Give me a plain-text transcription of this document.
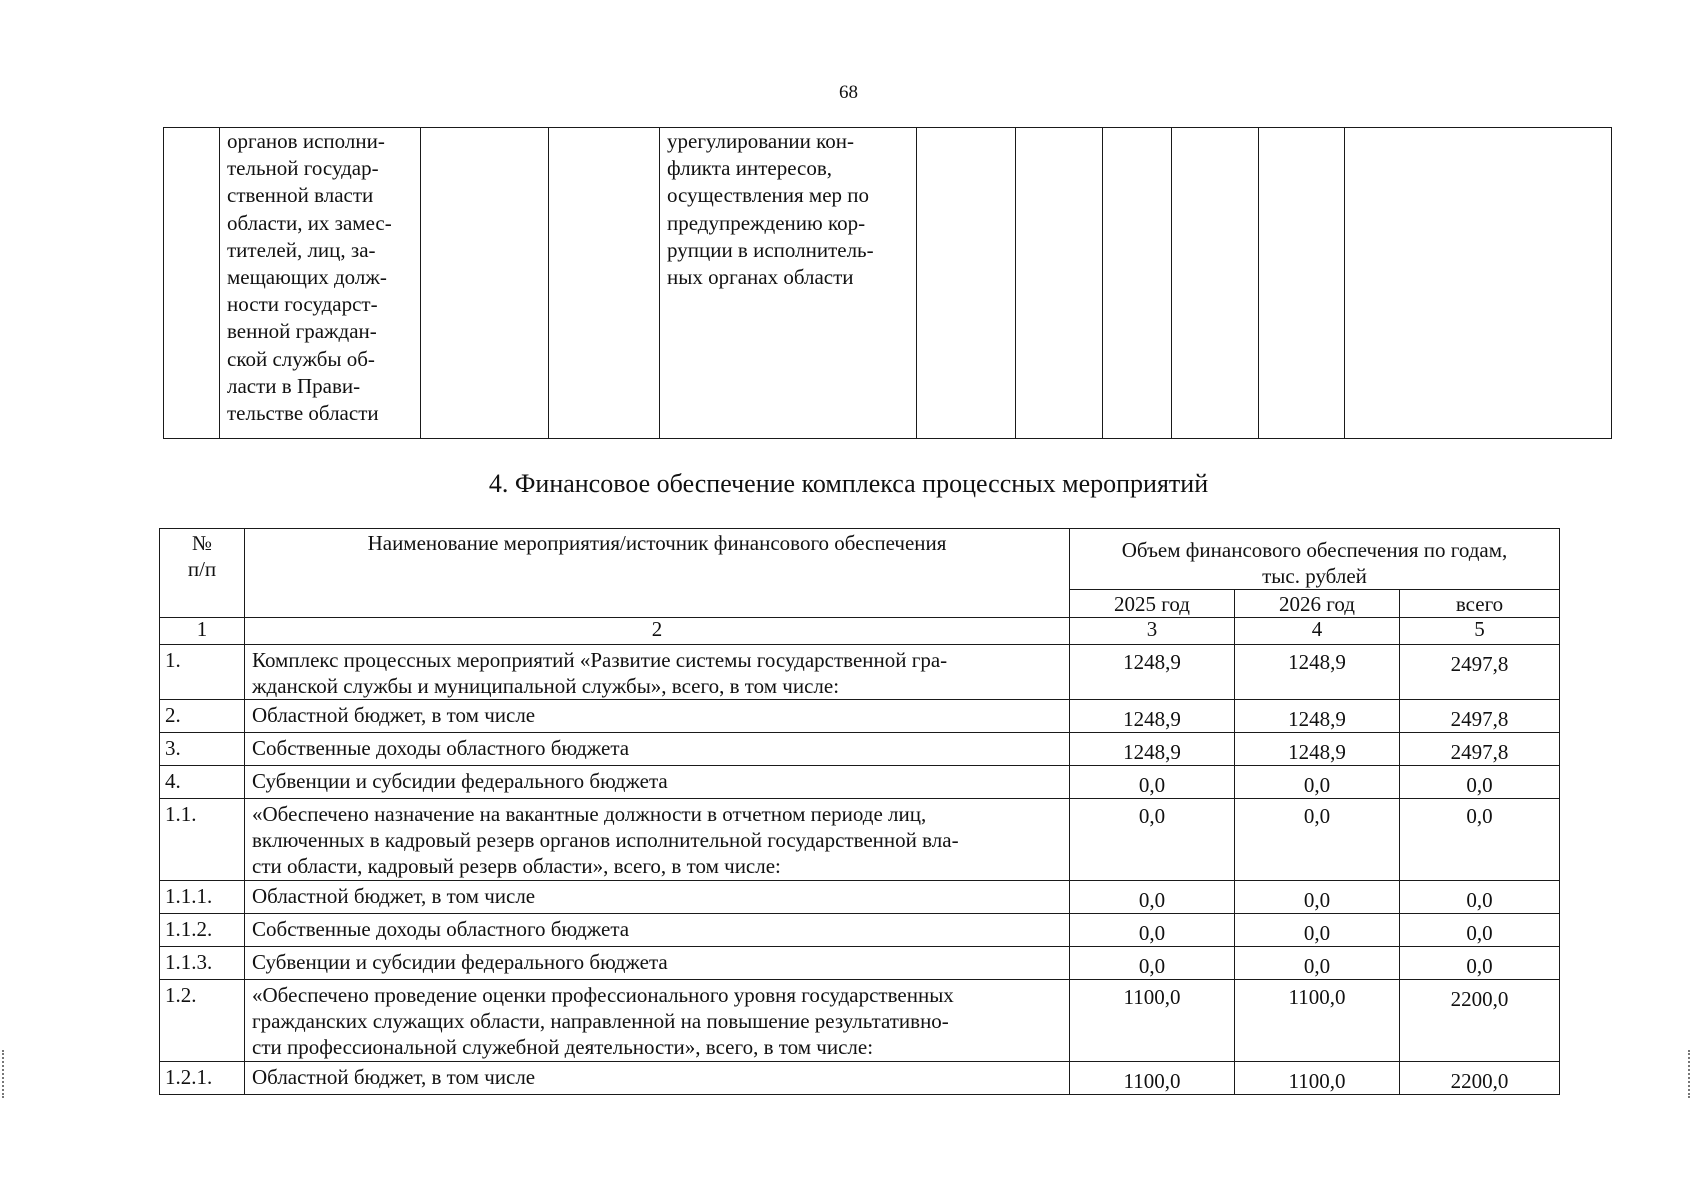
68
	органов исполни-
тельной государ-
ственной власти
области, их замес-
тителей, лиц, за-
мещающих долж-
ности государст-
венной граждан-
ской службы об-
ласти в Прави-
тельстве области			урегулировании кон-
фликта интересов,
осуществления мер по
предупреждению кор-
рупции в исполнитель-
ных органах области						
4. Финансовое обеспечение комплекса процессных мероприятий
№
п/п	Наименование мероприятия/источник финансового обеспечения	Объем финансового обеспечения по годам,
тыс. рублей		
		2025 год	2026 год	всего
1	2	3	4	5
1.	Комплекс процессных мероприятий «Развитие системы государственной гра-
жданской службы и муниципальной службы», всего, в том числе:	1248,9	1248,9	2497,8
2.	Областной бюджет, в том числе	1248,9	1248,9	2497,8
3.	Собственные доходы областного бюджета	1248,9	1248,9	2497,8
4.	Субвенции и субсидии федерального бюджета	0,0	0,0	0,0
1.1.	«Обеспечено назначение на вакантные должности в отчетном периоде лиц,
включенных в кадровый резерв органов исполнительной государственной вла-
сти области, кадровый резерв области», всего, в том числе:	0,0	0,0	0,0
1.1.1.	Областной бюджет, в том числе	0,0	0,0	0,0
1.1.2.	Собственные доходы областного бюджета	0,0	0,0	0,0
1.1.3.	Субвенции и субсидии федерального бюджета	0,0	0,0	0,0
1.2.	«Обеспечено проведение оценки профессионального уровня государственных
гражданских служащих области, направленной на повышение результативно-
сти профессиональной служебной деятельности», всего, в том числе:	1100,0	1100,0	2200,0
1.2.1.	Областной бюджет, в том числе	1100,0	1100,0	2200,0
